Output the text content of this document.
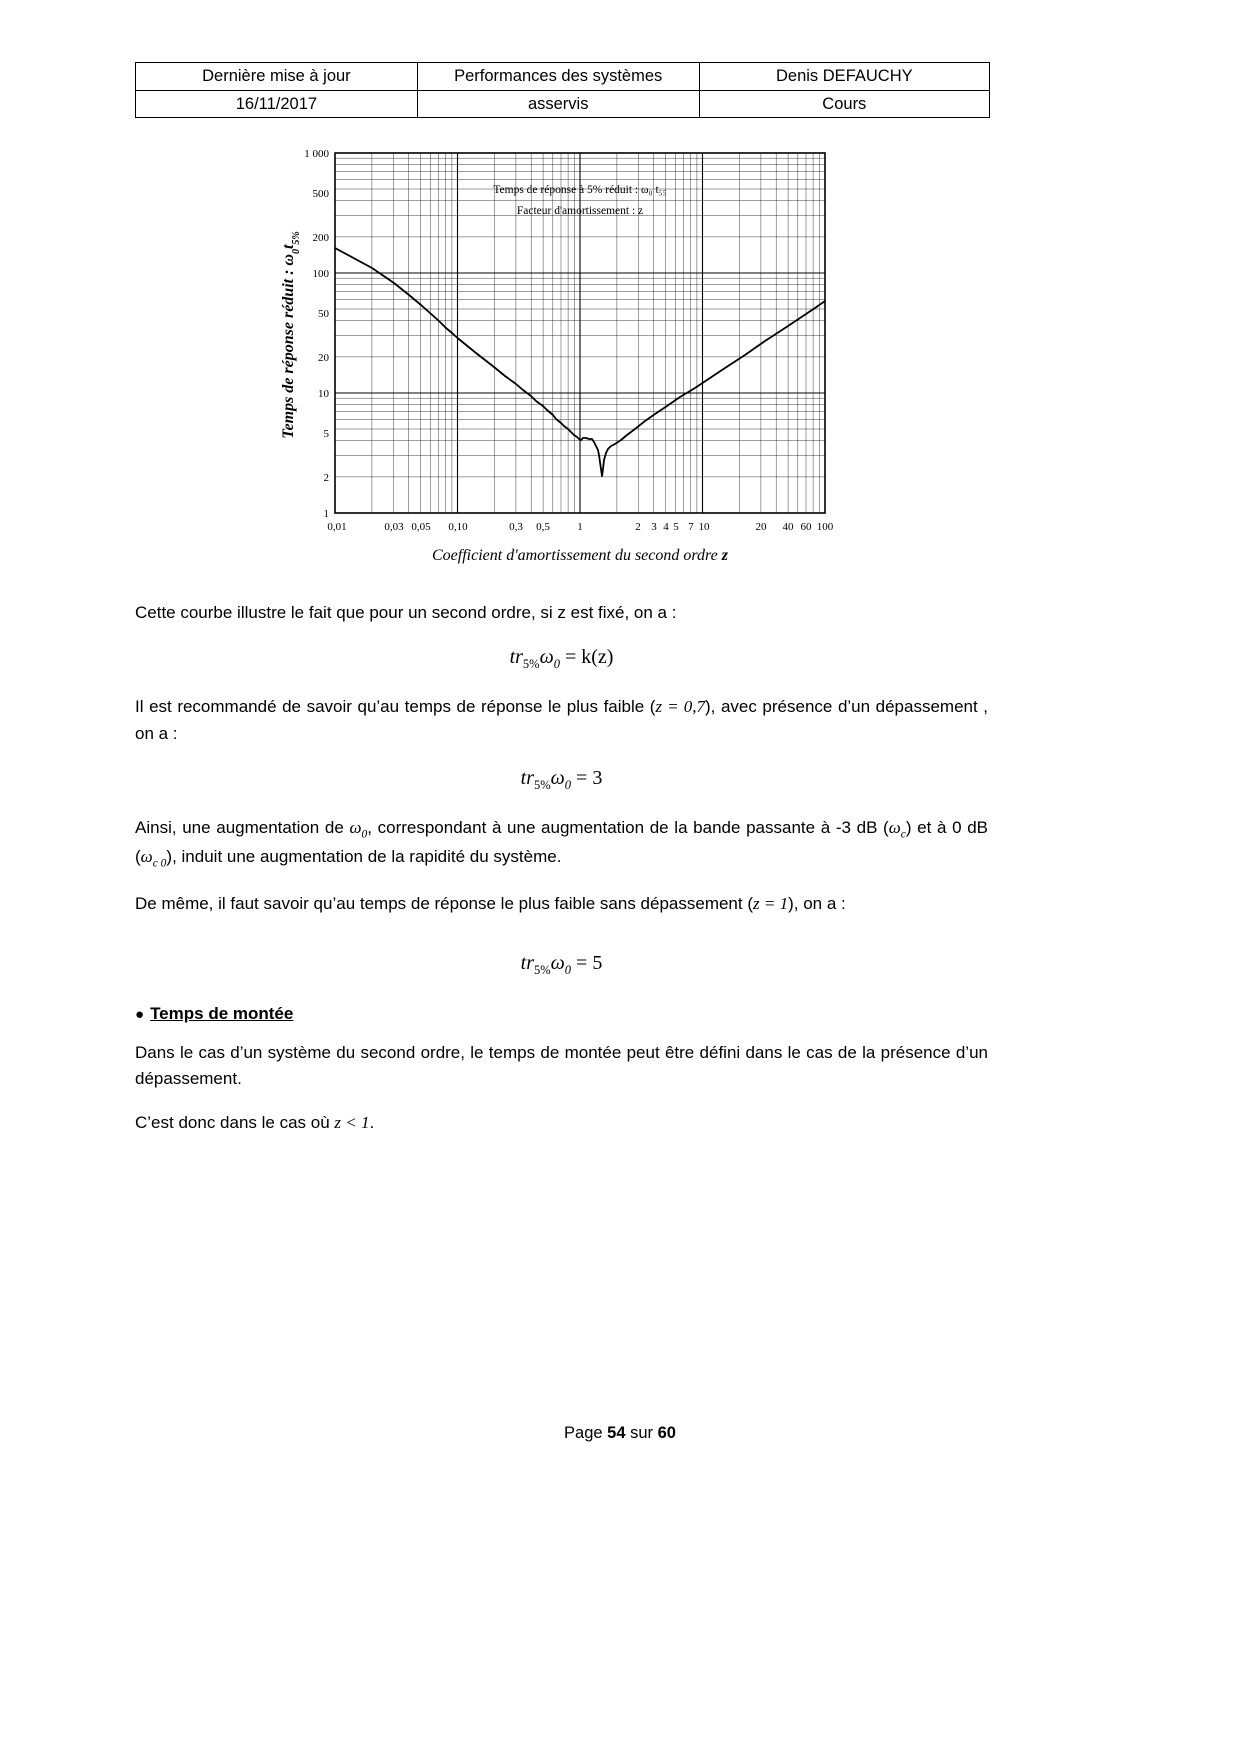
Dernière mise à jour	Performances des systèmes	Denis DEFAUCHY
16/11/2017	asservis	Cours
Temps de réponse à 5% réduit : ω₀ t₅₅
Facteur d'amortissement : z
1 000
500
200
100
50
20
10
5
2
1
0,01	0,03 0,05 0,10	0,3 0,5 1	2 3 4 5 7 10	20 40 60 100
Temps de réponse réduit : $\omega_0t_{5\%}$
Coefficient d'amortissement du second ordre z

Cette courbe illustre le fait que pour un second ordre, si z est fixé, on a :

$tr_{5\%}\omega_0 = k(z)$

Il est recommandé de savoir qu’au temps de réponse le plus faible (z = 0,7), avec présence d’un dépassement , on a :

$tr_{5\%}\omega_0 = 3$

Ainsi, une augmentation de $\omega_0$, correspondant à une augmentation de la bande passante à -3 dB $(\omega_c)$ et à 0 dB $(\omega_{c 0})$, induit une augmentation de la rapidité du système.

De même, il faut savoir qu’au temps de réponse le plus faible sans dépassement (z = 1), on a :

$tr_{5\%}\omega_0 = 5$
● Temps de montée

Dans le cas d’un système du second ordre, le temps de montée peut être défini dans le cas de la présence d’un dépassement.

C’est donc dans le cas où z < 1.

Page 54 sur 60
